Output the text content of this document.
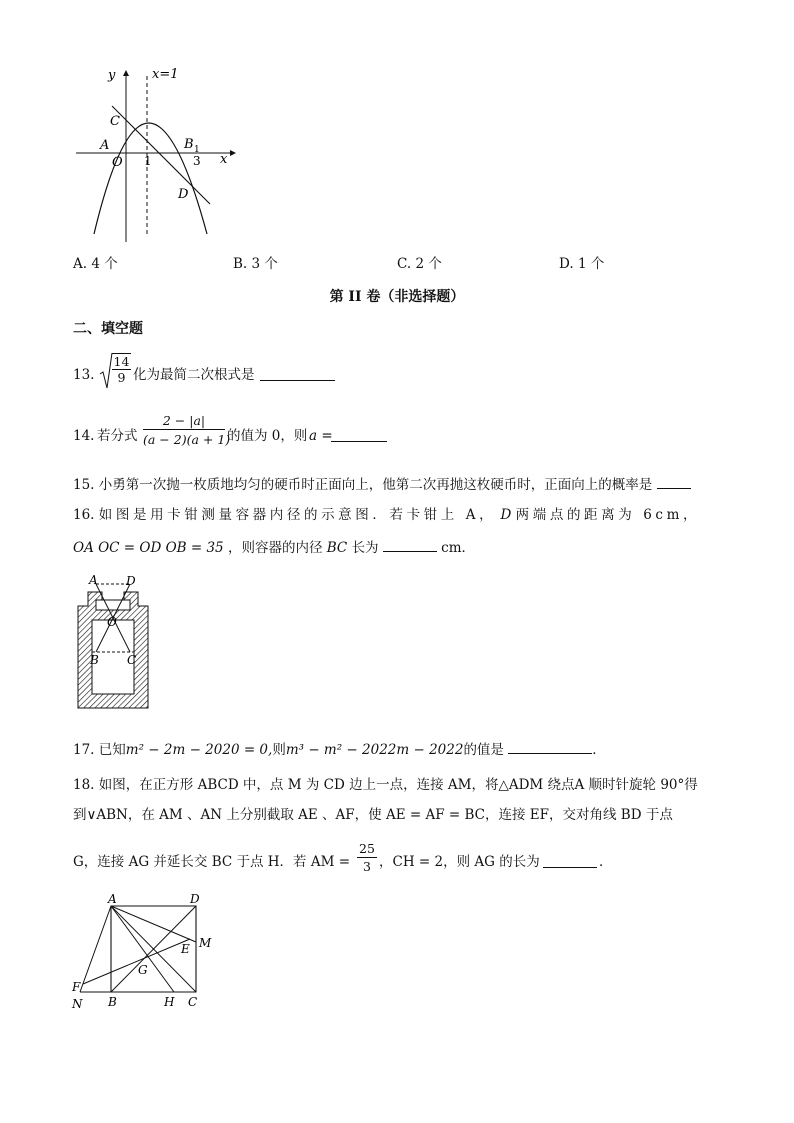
y	x=1
C
A
O 1
B 1
3 x
D
A. 4 个	B. 3 个	C. 2 个	D. 1 个
第 II 卷（非选择题）
二、填空题
13. $\frac{14}{9}$ 化为最简二次根式是
14. 若分式 $\frac{2 - |a|}{(a - 2)(a + 1)}$ 的值为 0，则 a =
15. 小勇第一次抛一枚质地均匀的硬币时正面向上，他第二次再抛这枚硬币时，正面向上的概率是
16. 如图是用卡钳测量容器内径的示意图．若卡钳上 A， D 两端点的距离为 6cm，
OA OC = OD OB = 35 ，则容器的内径 BC 长为	cm．
A D
O
B C
17. 已知m² − 2m − 2020 = 0,则m³ − m² − 2022m − 2022的值是	．
18. 如图，在正方形 ABCD 中，点 M 为 CD 边上一点，连接 AM，将△ADM 绕点A 顺时针旋轮 90°得
到∨ABN，在 AM 、AN 上分别截取 AE 、AF，使 AE = AF = BC，连接 EF，交对角线 BD 于点
G，连接 AG 并延长交 BC 于点 H．若 AM = $\frac{25}{3}$ ，CH = 2，则 AG 的长为	．
A	D
M
E
G
F
N B	H C
